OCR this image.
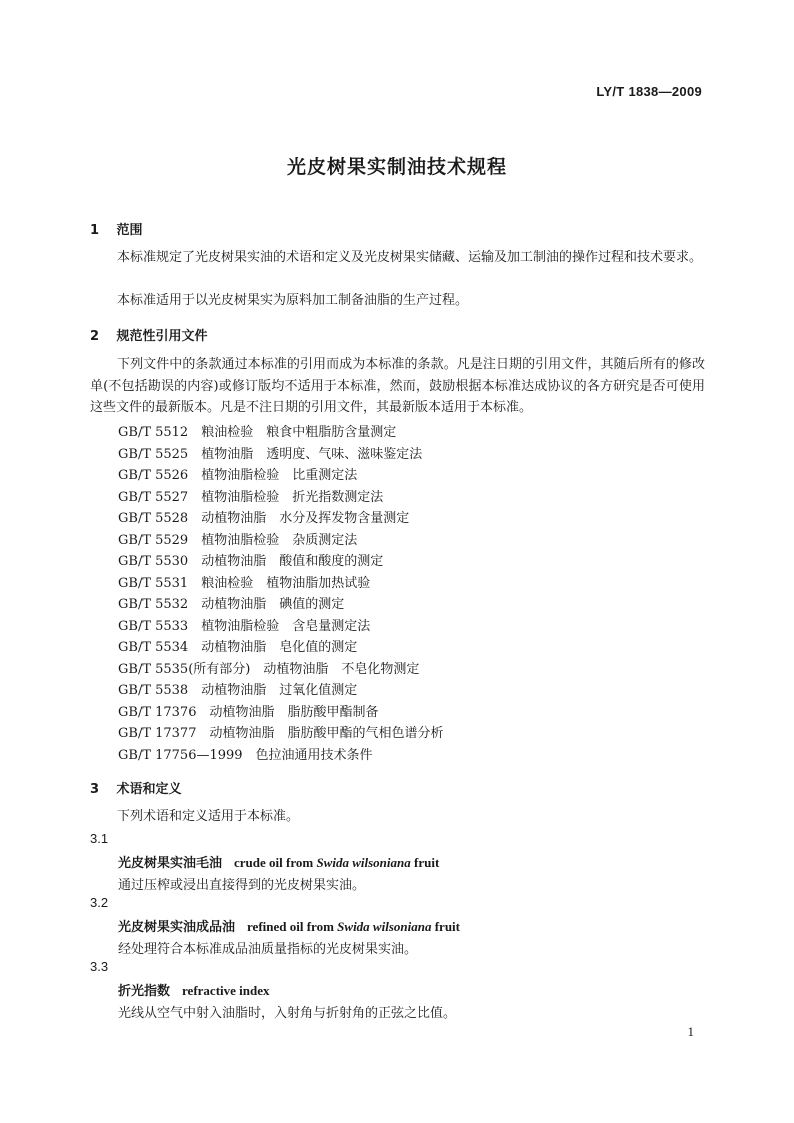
LY/T 1838—2009
光皮树果实制油技术规程
1 范围
本标准规定了光皮树果实油的术语和定义及光皮树果实储藏、运输及加工制油的操作过程和技术要求。
本标准适用于以光皮树果实为原料加工制备油脂的生产过程。
2 规范性引用文件
下列文件中的条款通过本标准的引用而成为本标准的条款。凡是注日期的引用文件，其随后所有的修改单(不包括勘误的内容)或修订版均不适用于本标准，然而，鼓励根据本标准达成协议的各方研究是否可使用这些文件的最新版本。凡是不注日期的引用文件，其最新版本适用于本标准。
GB/T 5512　粮油检验　粮食中粗脂肪含量测定
GB/T 5525　植物油脂　透明度、气味、滋味鉴定法
GB/T 5526　植物油脂检验　比重测定法
GB/T 5527　植物油脂检验　折光指数测定法
GB/T 5528　动植物油脂　水分及挥发物含量测定
GB/T 5529　植物油脂检验　杂质测定法
GB/T 5530　动植物油脂　酸值和酸度的测定
GB/T 5531　粮油检验　植物油脂加热试验
GB/T 5532　动植物油脂　碘值的测定
GB/T 5533　植物油脂检验　含皂量测定法
GB/T 5534　动植物油脂　皂化值的测定
GB/T 5535(所有部分)　动植物油脂　不皂化物测定
GB/T 5538　动植物油脂　过氧化值测定
GB/T 17376　动植物油脂　脂肪酸甲酯制备
GB/T 17377　动植物油脂　脂肪酸甲酯的气相色谱分析
GB/T 17756—1999　色拉油通用技术条件
3 术语和定义
下列术语和定义适用于本标准。
3.1
光皮树果实油毛油 crude oil from Swida wilsoniana fruit
通过压榨或浸出直接得到的光皮树果实油。
3.2
光皮树果实油成品油 refined oil from Swida wilsoniana fruit
经处理符合本标准成品油质量指标的光皮树果实油。
3.3
折光指数 refractive index
光线从空气中射入油脂时，入射角与折射角的正弦之比值。
1
